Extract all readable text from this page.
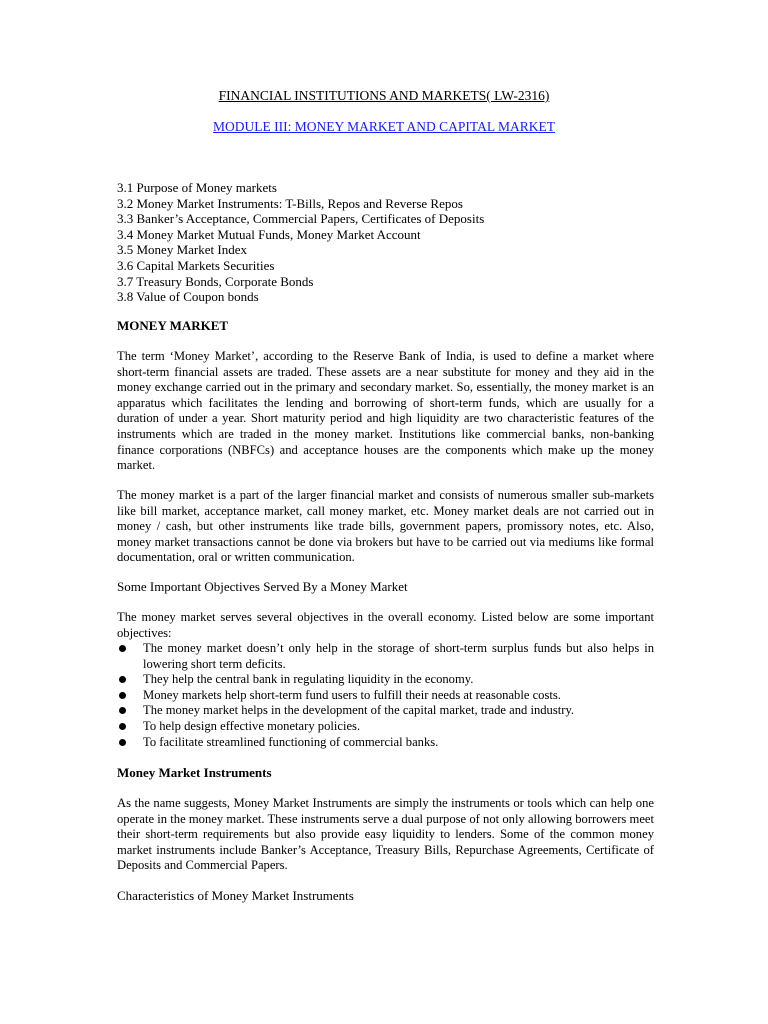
FINANCIAL INSTITUTIONS AND MARKETS( LW-2316)
MODULE III: MONEY MARKET AND CAPITAL MARKET
3.1 Purpose of Money markets
3.2 Money Market Instruments: T-Bills, Repos and Reverse Repos
3.3 Banker’s Acceptance, Commercial Papers, Certificates of Deposits
3.4 Money Market Mutual Funds, Money Market Account
3.5 Money Market Index
3.6 Capital Markets Securities
3.7 Treasury Bonds, Corporate Bonds
3.8 Value of Coupon bonds
MONEY MARKET

The term ‘Money Market’, according to the Reserve Bank of India, is used to define a market where short-term financial assets are traded. These assets are a near substitute for money and they aid in the money exchange carried out in the primary and secondary market. So, essentially, the money market is an apparatus which facilitates the lending and borrowing of short-term funds, which are usually for a duration of under a year. Short maturity period and high liquidity are two characteristic features of the instruments which are traded in the money market. Institutions like commercial banks, non-banking finance corporations (NBFCs) and acceptance houses are the components which make up the money market.

The money market is a part of the larger financial market and consists of numerous smaller sub-markets like bill market, acceptance market, call money market, etc. Money market deals are not carried out in money / cash, but other instruments like trade bills, government papers, promissory notes, etc. Also, money market transactions cannot be done via brokers but have to be carried out via mediums like formal documentation, oral or written communication.

Some Important Objectives Served By a Money Market

The money market serves several objectives in the overall economy. Listed below are some important objectives:

The money market doesn’t only help in the storage of short-term surplus funds but also helps in lowering short term deficits.
They help the central bank in regulating liquidity in the economy.
Money markets help short-term fund users to fulfill their needs at reasonable costs.
The money market helps in the development of the capital market, trade and industry.
To help design effective monetary policies.
To facilitate streamlined functioning of commercial banks.
Money Market Instruments

As the name suggests, Money Market Instruments are simply the instruments or tools which can help one operate in the money market. These instruments serve a dual purpose of not only allowing borrowers meet their short-term requirements but also provide easy liquidity to lenders. Some of the common money market instruments include Banker’s Acceptance, Treasury Bills, Repurchase Agreements, Certificate of Deposits and Commercial Papers.

Characteristics of Money Market Instruments
